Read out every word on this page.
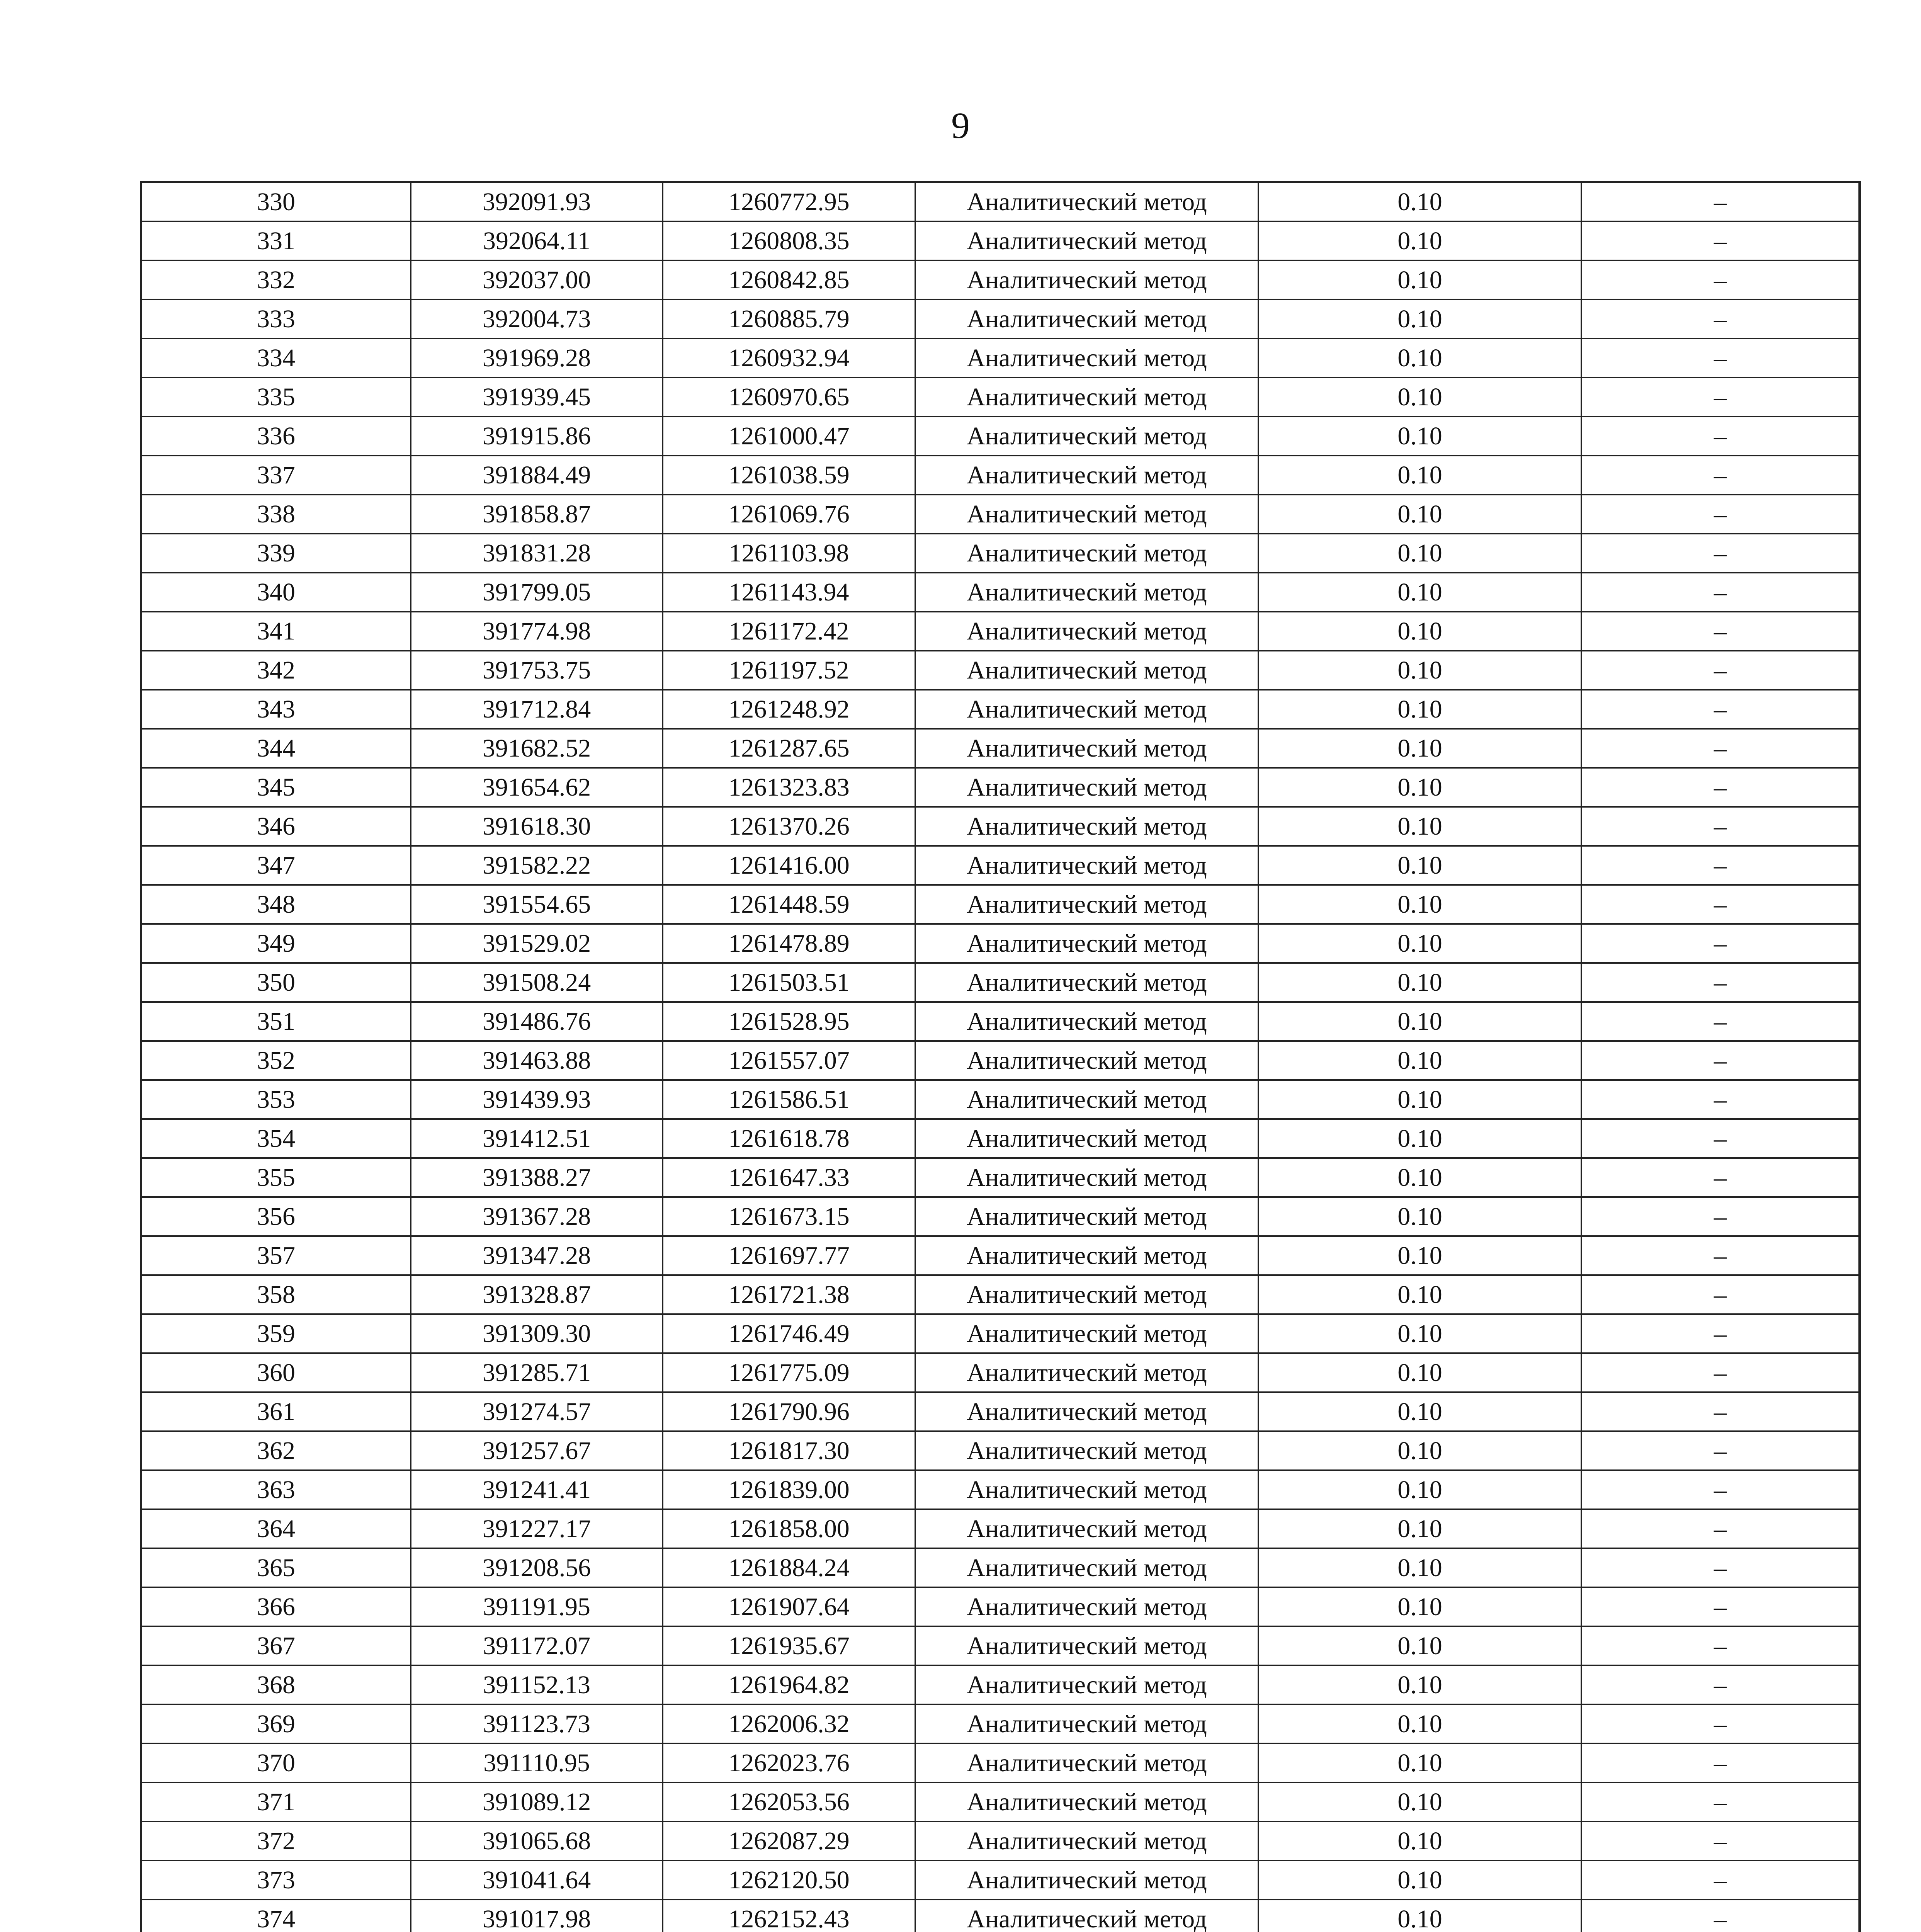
9
330	392091.93	1260772.95	Аналитический метод	0.10	–
331	392064.11	1260808.35	Аналитический метод	0.10	–
332	392037.00	1260842.85	Аналитический метод	0.10	–
333	392004.73	1260885.79	Аналитический метод	0.10	–
334	391969.28	1260932.94	Аналитический метод	0.10	–
335	391939.45	1260970.65	Аналитический метод	0.10	–
336	391915.86	1261000.47	Аналитический метод	0.10	–
337	391884.49	1261038.59	Аналитический метод	0.10	–
338	391858.87	1261069.76	Аналитический метод	0.10	–
339	391831.28	1261103.98	Аналитический метод	0.10	–
340	391799.05	1261143.94	Аналитический метод	0.10	–
341	391774.98	1261172.42	Аналитический метод	0.10	–
342	391753.75	1261197.52	Аналитический метод	0.10	–
343	391712.84	1261248.92	Аналитический метод	0.10	–
344	391682.52	1261287.65	Аналитический метод	0.10	–
345	391654.62	1261323.83	Аналитический метод	0.10	–
346	391618.30	1261370.26	Аналитический метод	0.10	–
347	391582.22	1261416.00	Аналитический метод	0.10	–
348	391554.65	1261448.59	Аналитический метод	0.10	–
349	391529.02	1261478.89	Аналитический метод	0.10	–
350	391508.24	1261503.51	Аналитический метод	0.10	–
351	391486.76	1261528.95	Аналитический метод	0.10	–
352	391463.88	1261557.07	Аналитический метод	0.10	–
353	391439.93	1261586.51	Аналитический метод	0.10	–
354	391412.51	1261618.78	Аналитический метод	0.10	–
355	391388.27	1261647.33	Аналитический метод	0.10	–
356	391367.28	1261673.15	Аналитический метод	0.10	–
357	391347.28	1261697.77	Аналитический метод	0.10	–
358	391328.87	1261721.38	Аналитический метод	0.10	–
359	391309.30	1261746.49	Аналитический метод	0.10	–
360	391285.71	1261775.09	Аналитический метод	0.10	–
361	391274.57	1261790.96	Аналитический метод	0.10	–
362	391257.67	1261817.30	Аналитический метод	0.10	–
363	391241.41	1261839.00	Аналитический метод	0.10	–
364	391227.17	1261858.00	Аналитический метод	0.10	–
365	391208.56	1261884.24	Аналитический метод	0.10	–
366	391191.95	1261907.64	Аналитический метод	0.10	–
367	391172.07	1261935.67	Аналитический метод	0.10	–
368	391152.13	1261964.82	Аналитический метод	0.10	–
369	391123.73	1262006.32	Аналитический метод	0.10	–
370	391110.95	1262023.76	Аналитический метод	0.10	–
371	391089.12	1262053.56	Аналитический метод	0.10	–
372	391065.68	1262087.29	Аналитический метод	0.10	–
373	391041.64	1262120.50	Аналитический метод	0.10	–
374	391017.98	1262152.43	Аналитический метод	0.10	–
